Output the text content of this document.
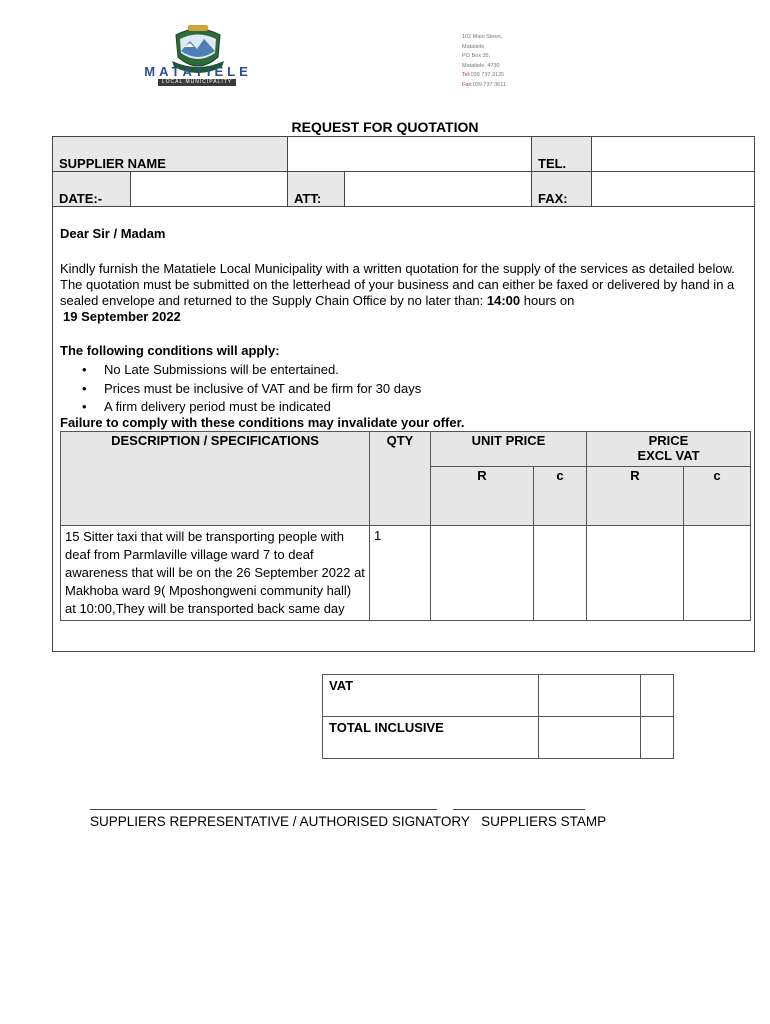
MATATIELE
LOCAL MUNICIPALITY
102 Main Street,
Matatiele
PO Box 35,
Matatiele, 4730
Tel:039 737 3135
Fax:039 737 3611
REQUEST FOR QUOTATION
SUPPLIER NAME				TEL.	
DATE:-		ATT:		FAX:	
Dear Sir / Madam
Kindly furnish the Matatiele Local Municipality with a written quotation for the supply of the services as detailed below. The quotation must be submitted on the letterhead of your business and can either be faxed or delivered by hand in a sealed envelope and returned to the Supply Chain Office by no later than: 14:00 hours on
19 September 2022
The following conditions will apply:
• No Late Submissions will be entertained.
• Prices must be inclusive of VAT and be firm for 30 days
• A firm delivery period must be indicated
Failure to comply with these conditions may invalidate your offer.
DESCRIPTION / SPECIFICATIONS	QTY	UNIT PRICE		PRICE
EXCL VAT	

		R	c	R	c

15 Sitter taxi that will be transporting people with deaf from Parmlaville village ward 7 to deaf awareness that will be on the 26 September 2022 at Makhoba ward 9( Mposhongweni community hall) at 10:00,They will be transported back same day	1				
VAT		
TOTAL INCLUSIVE		
SUPPLIERS REPRESENTATIVE / AUTHORISED SIGNATORY SUPPLIERS STAMP
